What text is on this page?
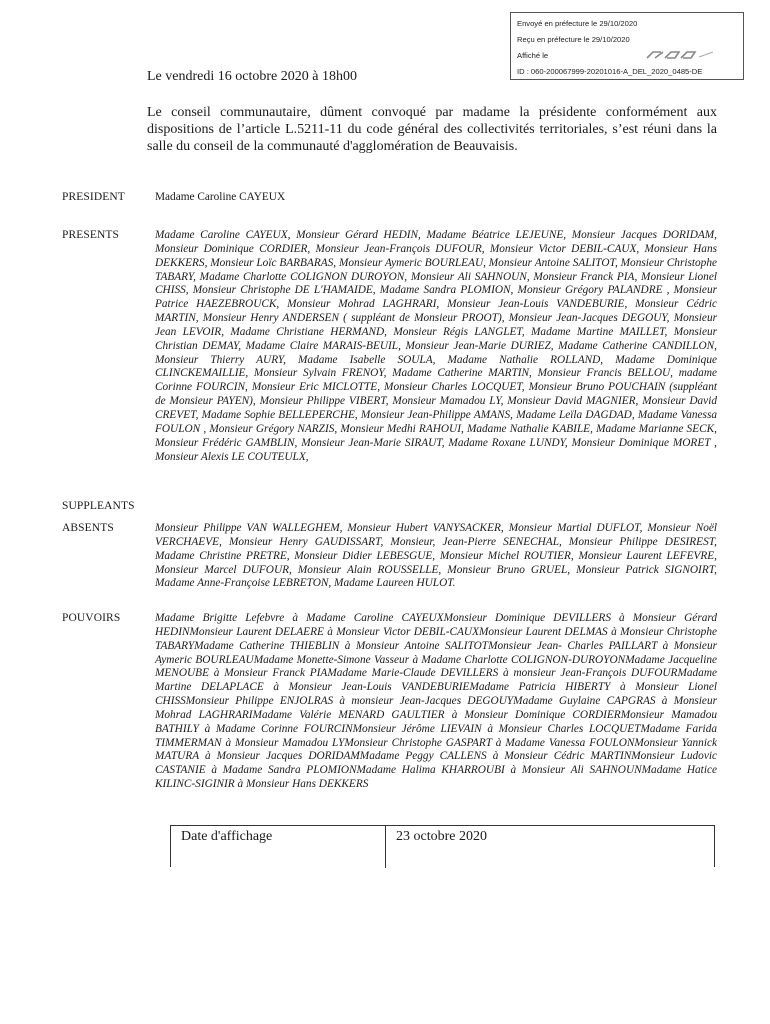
Envoyé en préfecture le 29/10/2020
Reçu en préfecture le 29/10/2020
Affiché le
ID : 060-200067999-20201016-A_DEL_2020_0485-DE
Le vendredi 16 octobre 2020 à 18h00
Le conseil communautaire, dûment convoqué par madame la présidente conformément aux dispositions de l’article L.5211-11 du code général des collectivités territoriales, s’est réuni dans la salle du conseil de la communauté d'agglomération de Beauvaisis.
PRESIDENT	Madame Caroline CAYEUX
PRESENTS	Madame Caroline CAYEUX, Monsieur Gérard HEDIN, Madame Béatrice LEJEUNE, Monsieur Jacques DORIDAM, Monsieur Dominique CORDIER, Monsieur Jean-François DUFOUR, Monsieur Victor DEBIL-CAUX, Monsieur Hans DEKKERS, Monsieur Loïc BARBARAS, Monsieur Aymeric BOURLEAU, Monsieur Antoine SALITOT, Monsieur Christophe TABARY, Madame Charlotte COLIGNON DUROYON, Monsieur Ali SAHNOUN, Monsieur Franck PIA, Monsieur Lionel CHISS, Monsieur Christophe DE L'HAMAIDE, Madame Sandra PLOMION, Monsieur Grégory PALANDRE , Monsieur Patrice HAEZEBROUCK, Monsieur Mohrad LAGHRARI, Monsieur Jean-Louis VANDEBURIE, Monsieur Cédric MARTIN, Monsieur Henry ANDERSEN ( suppléant de Monsieur PROOT), Monsieur Jean-Jacques DEGOUY, Monsieur Jean LEVOIR, Madame Christiane HERMAND, Monsieur Régis LANGLET, Madame Martine MAILLET, Monsieur Christian DEMAY, Madame Claire MARAIS-BEUIL, Monsieur Jean-Marie DURIEZ, Madame Catherine CANDILLON, Monsieur Thierry AURY, Madame Isabelle SOULA, Madame Nathalie ROLLAND, Madame Dominique CLINCKEMAILLIE, Monsieur Sylvain FRENOY, Madame Catherine MARTIN, Monsieur Francis BELLOU, madame Corinne FOURCIN, Monsieur Eric MICLOTTE, Monsieur Charles LOCQUET, Monsieur Bruno POUCHAIN (suppléant de Monsieur PAYEN), Monsieur Philippe VIBERT, Monsieur Mamadou LY, Monsieur David MAGNIER, Monsieur David CREVET, Madame Sophie BELLEPERCHE, Monsieur Jean-Philippe AMANS, Madame Leïla DAGDAD, Madame Vanessa FOULON , Monsieur Grégory NARZIS, Monsieur Medhi RAHOUI, Madame Nathalie KABILE, Madame Marianne SECK, Monsieur Frédéric GAMBLIN, Monsieur Jean-Marie SIRAUT, Madame Roxane LUNDY, Monsieur Dominique MORET , Monsieur Alexis LE COUTEULX,
SUPPLEANTS
ABSENTS	Monsieur Philippe VAN WALLEGHEM, Monsieur Hubert VANYSACKER, Monsieur Martial DUFLOT, Monsieur Noël VERCHAEVE, Monsieur Henry GAUDISSART, Monsieur, Jean-Pierre SENECHAL, Monsieur Philippe DESIREST, Madame Christine PRETRE, Monsieur Didier LEBESGUE, Monsieur Michel ROUTIER, Monsieur Laurent LEFEVRE, Monsieur Marcel DUFOUR, Monsieur Alain ROUSSELLE, Monsieur Bruno GRUEL, Monsieur Patrick SIGNOIRT, Madame Anne-Françoise LEBRETON, Madame Laureen HULOT.
POUVOIRS	Madame Brigitte Lefebvre à Madame Caroline CAYEUXMonsieur Dominique DEVILLERS à Monsieur Gérard HEDINMonsieur Laurent DELAERE à Monsieur Victor DEBIL-CAUXMonsieur Laurent DELMAS à Monsieur Christophe TABARYMadame Catherine THIEBLIN à Monsieur Antoine SALITOTMonsieur Jean- Charles PAILLART à Monsieur Aymeric BOURLEAUMadame Monette-Simone Vasseur à Madame Charlotte COLIGNON-DUROYONMadame Jacqueline MENOUBE à Monsieur Franck PIAMadame Marie-Claude DEVILLERS à monsieur Jean-François DUFOURMadame Martine DELAPLACE à Monsieur Jean-Louis VANDEBURIEMadame Patricia HIBERTY à Monsieur Lionel CHISSMonsieur Philippe ENJOLRAS à monsieur Jean-Jacques DEGOUYMadame Guylaine CAPGRAS à Monsieur Mohrad LAGHRARIMadame Valérie MENARD GAULTIER à Monsieur Dominique CORDIERMonsieur Mamadou BATHILY à Madame Corinne FOURCINMonsieur Jérôme LIEVAIN à Monsieur Charles LOCQUETMadame Farida TIMMERMAN à Monsieur Mamadou LYMonsieur Christophe GASPART à Madame Vanessa FOULONMonsieur Yannick MATURA à Monsieur Jacques DORIDAMMadame Peggy CALLENS à Monsieur Cédric MARTINMonsieur Ludovic CASTANIE à Madame Sandra PLOMIONMadame Halima KHARROUBI à Monsieur Ali SAHNOUNMadame Hatice KILINC-SIGINIR à Monsieur Hans DEKKERS
Date d'affichage	23 octobre 2020
